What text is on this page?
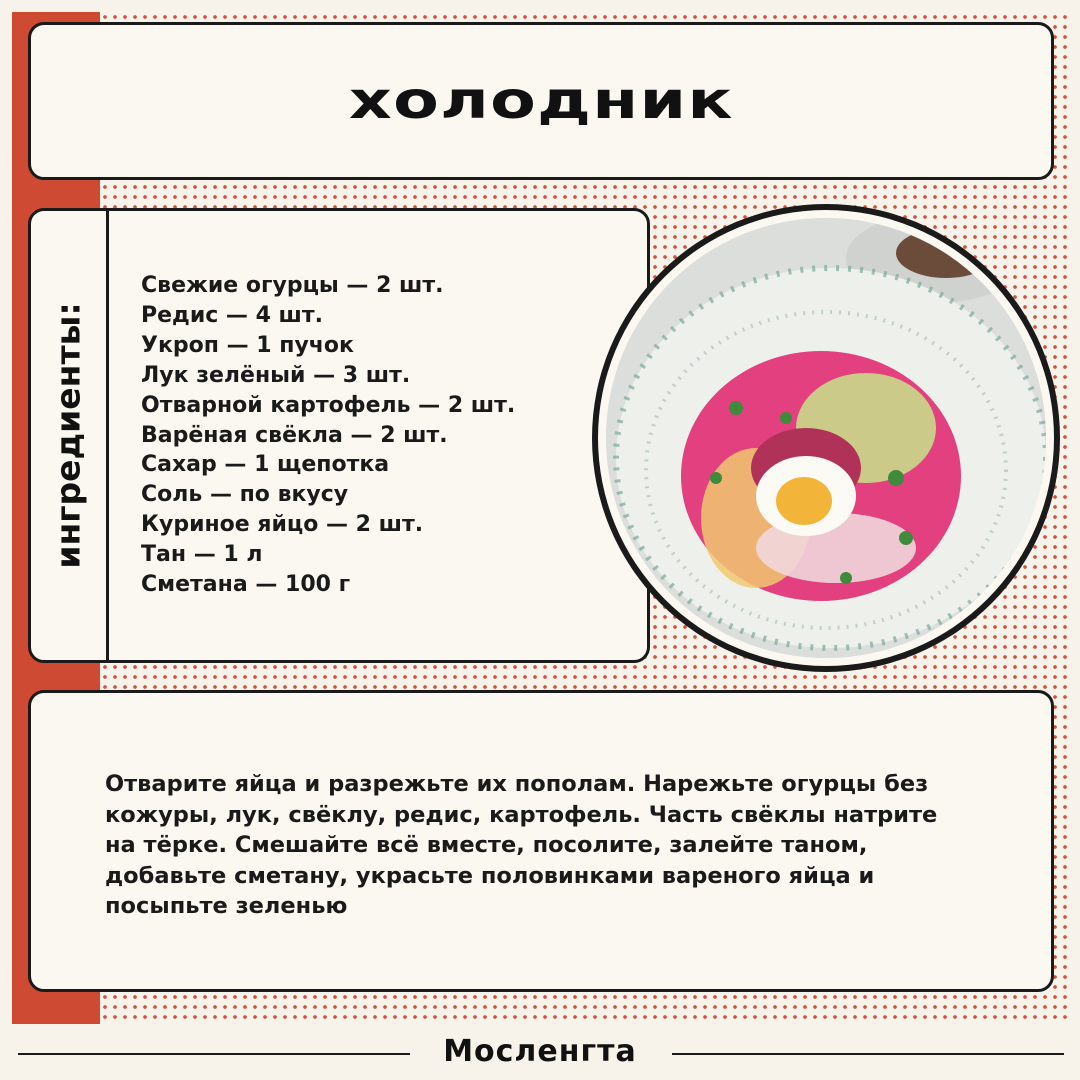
холодник
ингредиенты:
Свежие огурцы — 2 шт.
Редис — 4 шт.
Укроп — 1 пучок
Лук зелёный — 3 шт.
Отварной картофель — 2 шт.
Варёная свёкла — 2 шт.
Сахар — 1 щепотка
Соль — по вкусу
Куриное яйцо — 2 шт.
Тан — 1 л
Сметана — 100 г

Отварите яйца и разрежьте их пополам. Нарежьте огурцы без кожуры, лук, свёклу, редис, картофель. Часть свёклы натрите на тёрке. Смешайте всё вместе, посолите, залейте таном, добавьте сметану, украсьте половинками вареного яйца и посыпьте зеленью

Мосленгта
